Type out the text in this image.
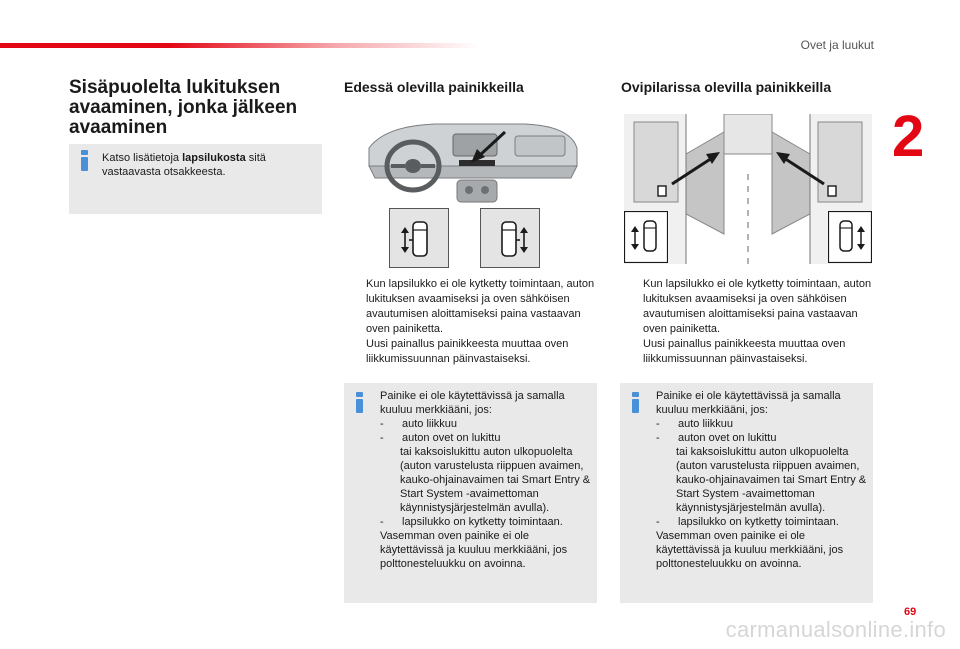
Ovet ja luukut
2
Sisäpuolelta lukituksen avaaminen, jonka jälkeen avaaminen
Katso lisätietoja lapsilukosta sitä vastaavasta otsakkeesta.
Edessä olevilla painikkeilla
Kun lapsilukko ei ole kytketty toimintaan, auton lukituksen avaamiseksi ja oven sähköisen avautumisen aloittamiseksi paina vastaavan oven painiketta.
Uusi painallus painikkeesta muuttaa oven liikkumissuunnan päinvastaiseksi.
Painike ei ole käytettävissä ja samalla kuuluu merkkiääni, jos:
-	auto liikkuu
-	auton ovet on lukittu
tai kaksoislukittu auton ulkopuolelta (auton varustelusta riippuen avaimen, kauko-ohjainavaimen tai Smart Entry & Start System -avaimettoman käynnistysjärjestelmän avulla).
-	lapsilukko on kytketty toimintaan.
Vasemman oven painike ei ole käytettävissä ja kuuluu merkkiääni, jos polttonesteluukku on avoinna.
Ovipilarissa olevilla painikkeilla
Kun lapsilukko ei ole kytketty toimintaan, auton lukituksen avaamiseksi ja oven sähköisen avautumisen aloittamiseksi paina vastaavan oven painiketta.
Uusi painallus painikkeesta muuttaa oven liikkumissuunnan päinvastaiseksi.
Painike ei ole käytettävissä ja samalla kuuluu merkkiääni, jos:
-	auto liikkuu
-	auton ovet on lukittu
tai kaksoislukittu auton ulkopuolelta (auton varustelusta riippuen avaimen, kauko-ohjainavaimen tai Smart Entry & Start System -avaimettoman käynnistysjärjestelmän avulla).
-	lapsilukko on kytketty toimintaan.
Vasemman oven painike ei ole käytettävissä ja kuuluu merkkiääni, jos polttonesteluukku on avoinna.
69
carmanualsonline.info
